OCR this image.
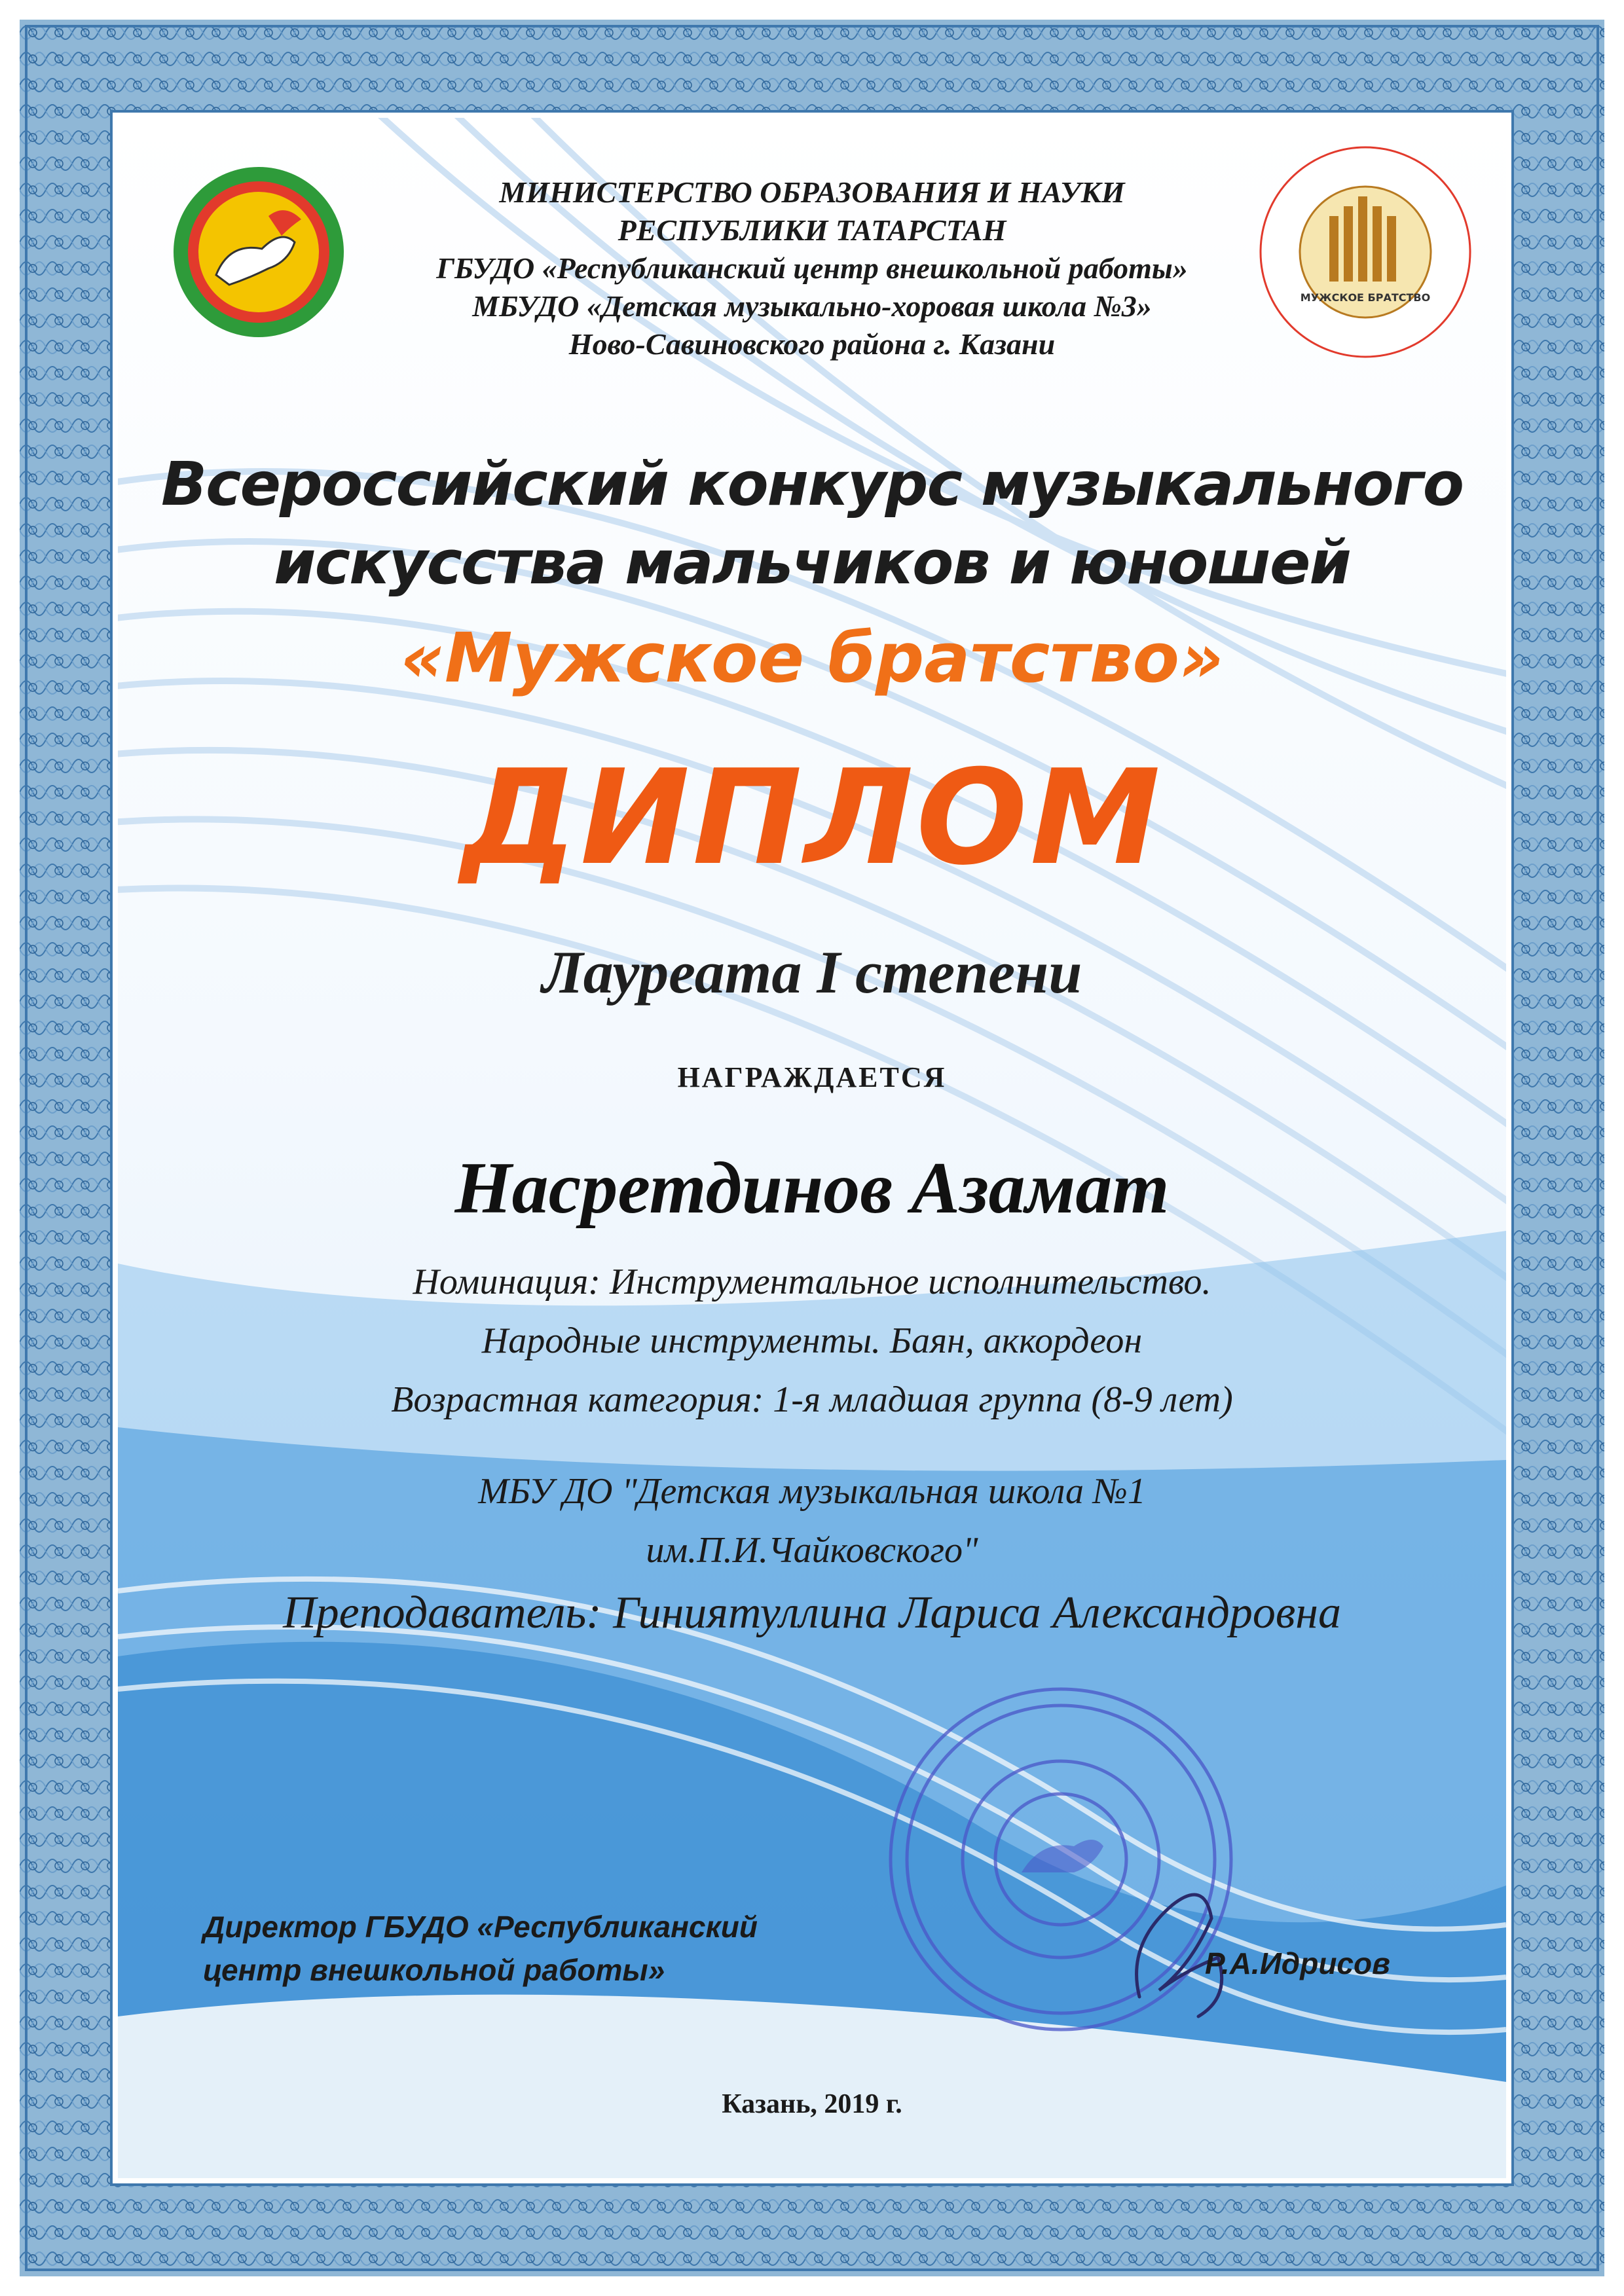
МУЖСКОЕ БРАТСТВО
МИНИСТЕРСТВО ОБРАЗОВАНИЯ И НАУКИ
РЕСПУБЛИКИ ТАТАРСТАН
ГБУДО «Республиканский центр внешкольной работы»
МБУДО «Детская музыкально-хоровая школа №3»
Ново-Савиновского района г. Казани
Всероссийский конкурс музыкального
искусства мальчиков и юношей
«Мужское братство»
ДИПЛОМ
Лауреата I степени
НАГРАЖДАЕТСЯ
Насретдинов Азамат
Номинация: Инструментальное исполнительство.
Народные инструменты. Баян, аккордеон
Возрастная категория: 1-я младшая группа (8-9 лет)
МБУ ДО "Детская музыкальная школа №1
им.П.И.Чайковского"
Преподаватель: Гиниятуллина Лариса Александровна
Директор ГБУДО «Республиканский
центр внешкольной работы»	Р.А.Идрисов
Казань, 2019 г.
